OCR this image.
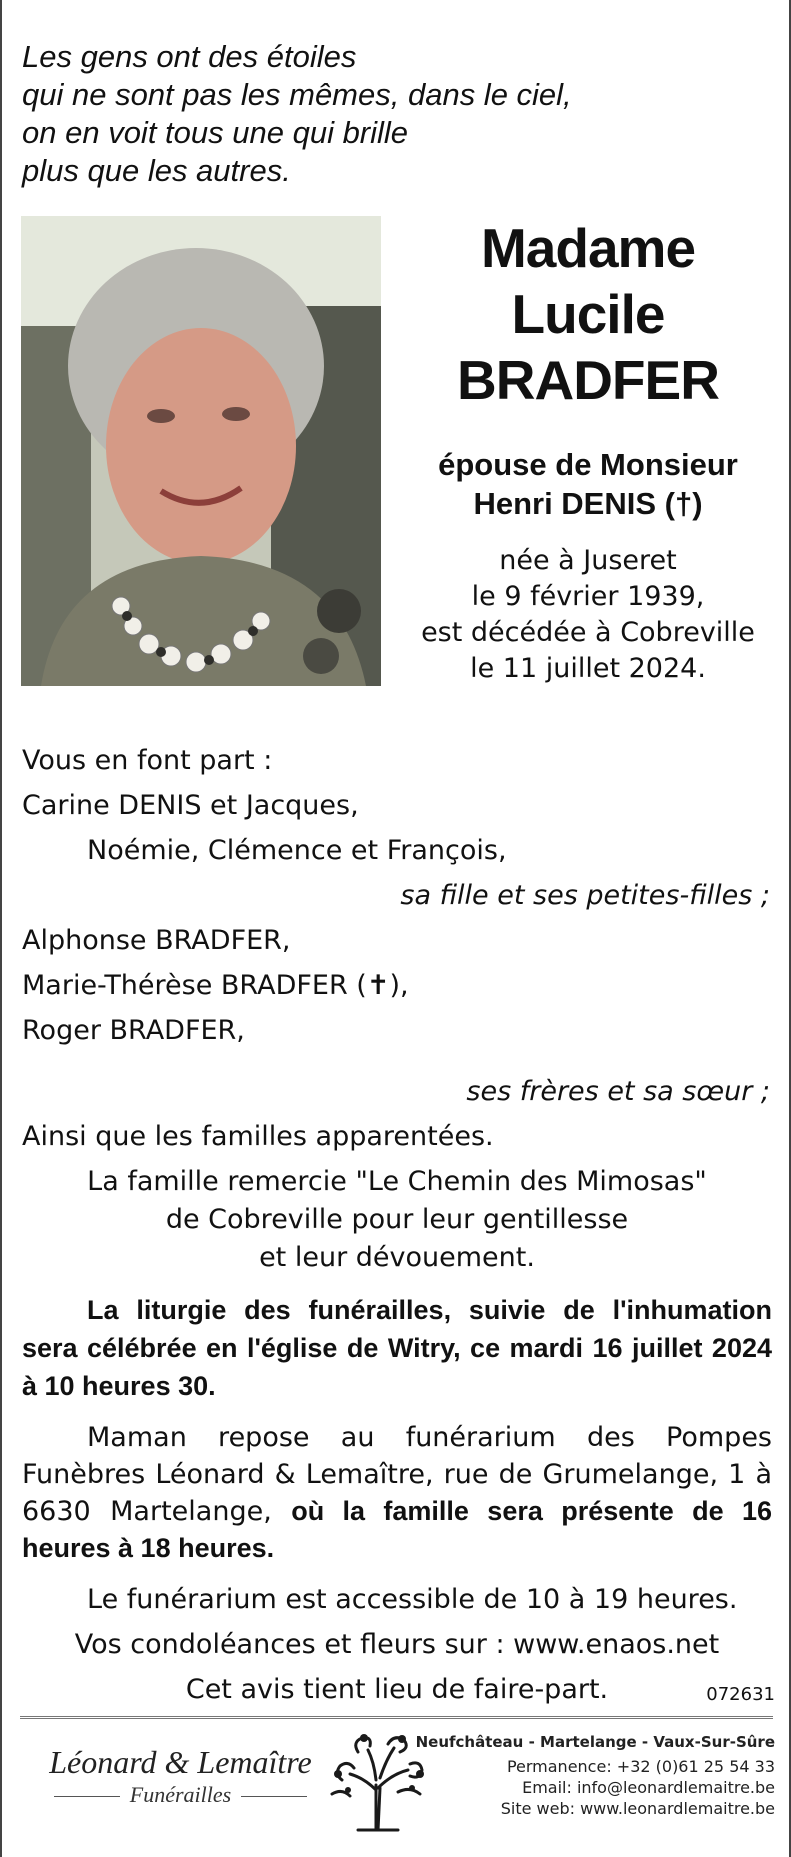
Les gens ont des étoiles
qui ne sont pas les mêmes, dans le ciel,
on en voit tous une qui brille
plus que les autres.
Madame
Lucile
BRADFER
épouse de Monsieur
Henri DENIS (†)
née à Juseret
le 9 février 1939,
est décédée à Cobreville
le 11 juillet 2024.
Vous en font part :
Carine DENIS et Jacques,
Noémie, Clémence et François,
sa fille et ses petites-filles ;
Alphonse BRADFER,
Marie-Thérèse BRADFER (✝),
Roger BRADFER,
ses frères et sa sœur ;
Ainsi que les familles apparentées.
La famille remercie "Le Chemin des Mimosas"
de Cobreville pour leur gentillesse
et leur dévouement.

La liturgie des funérailles, suivie de l'inhumation sera célébrée en l'église de Witry, ce mardi 16 juillet 2024 à 10 heures 30.

Maman repose au funérarium des Pompes Funèbres Léonard & Lemaître, rue de Grumelange, 1 à 6630 Martelange, où la famille sera présente de 16 heures à 18 heures.

Le funérarium est accessible de 10 à 19 heures.
Vos condoléances et fleurs sur : www.enaos.net
Cet avis tient lieu de faire-part.	072631
Léonard & Lemaître
Funérailles
Neufchâteau - Martelange - Vaux-Sur-Sûre
Permanence: +32 (0)61 25 54 33
Email: info@leonardlemaitre.be
Site web: www.leonardlemaitre.be
